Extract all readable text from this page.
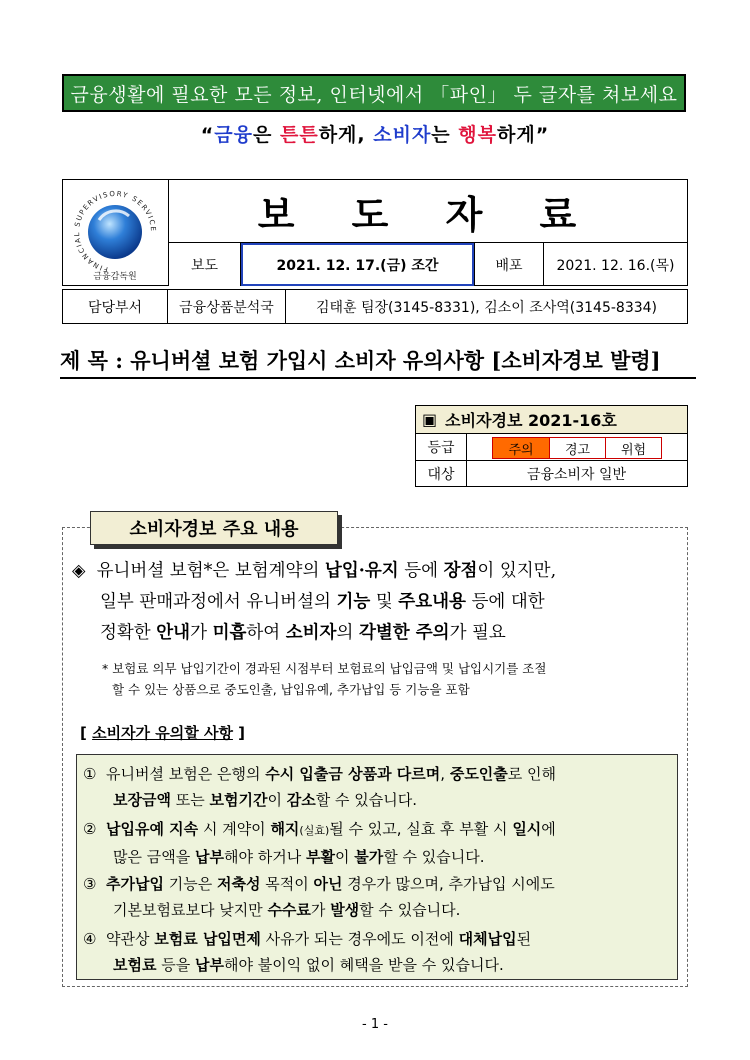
금융생활에 필요한 모든 정보, 인터넷에서 「파인」 두 글자를 쳐보세요
“금융은 튼튼하게, 소비자는 행복하게”
FINANCIAL SUPERVISORY SERVICE
금융감독원
보 도 자 료
보도	2021. 12. 17.(금) 조간	배포	2021. 12. 16.(목)
담당부서	금융상품분석국	김태훈 팀장(3145-8331), 김소이 조사역(3145-8334)
제 목 : 유니버셜 보험 가입시 소비자 유의사항 [소비자경보 발령]
▣ 소비자경보 2021-16호
등급	주의	경고	위험
대상	금융소비자 일반
소비자경보 주요 내용
◈ 유니버셜 보험*은 보험계약의 납입·유지 등에 장점이 있지만,
일부 판매과정에서 유니버셜의 기능 및 주요내용 등에 대한
정확한 안내가 미흡하여 소비자의 각별한 주의가 필요
* 보험료 의무 납입기간이 경과된 시점부터 보험료의 납입금액 및 납입시기를 조절
할 수 있는 상품으로 중도인출, 납입유예, 추가납입 등 기능을 포함
[ 소비자가 유의할 사항 ]
① 유니버셜 보험은 은행의 수시 입출금 상품과 다르며, 중도인출로 인해
보장금액 또는 보험기간이 감소할 수 있습니다.
② 납입유예 지속 시 계약이 해지(실효)될 수 있고, 실효 후 부활 시 일시에
많은 금액을 납부해야 하거나 부활이 불가할 수 있습니다.
③ 추가납입 기능은 저축성 목적이 아닌 경우가 많으며, 추가납입 시에도
기본보험료보다 낮지만 수수료가 발생할 수 있습니다.
④ 약관상 보험료 납입면제 사유가 되는 경우에도 이전에 대체납입된
보험료 등을 납부해야 불이익 없이 혜택을 받을 수 있습니다.
- 1 -
